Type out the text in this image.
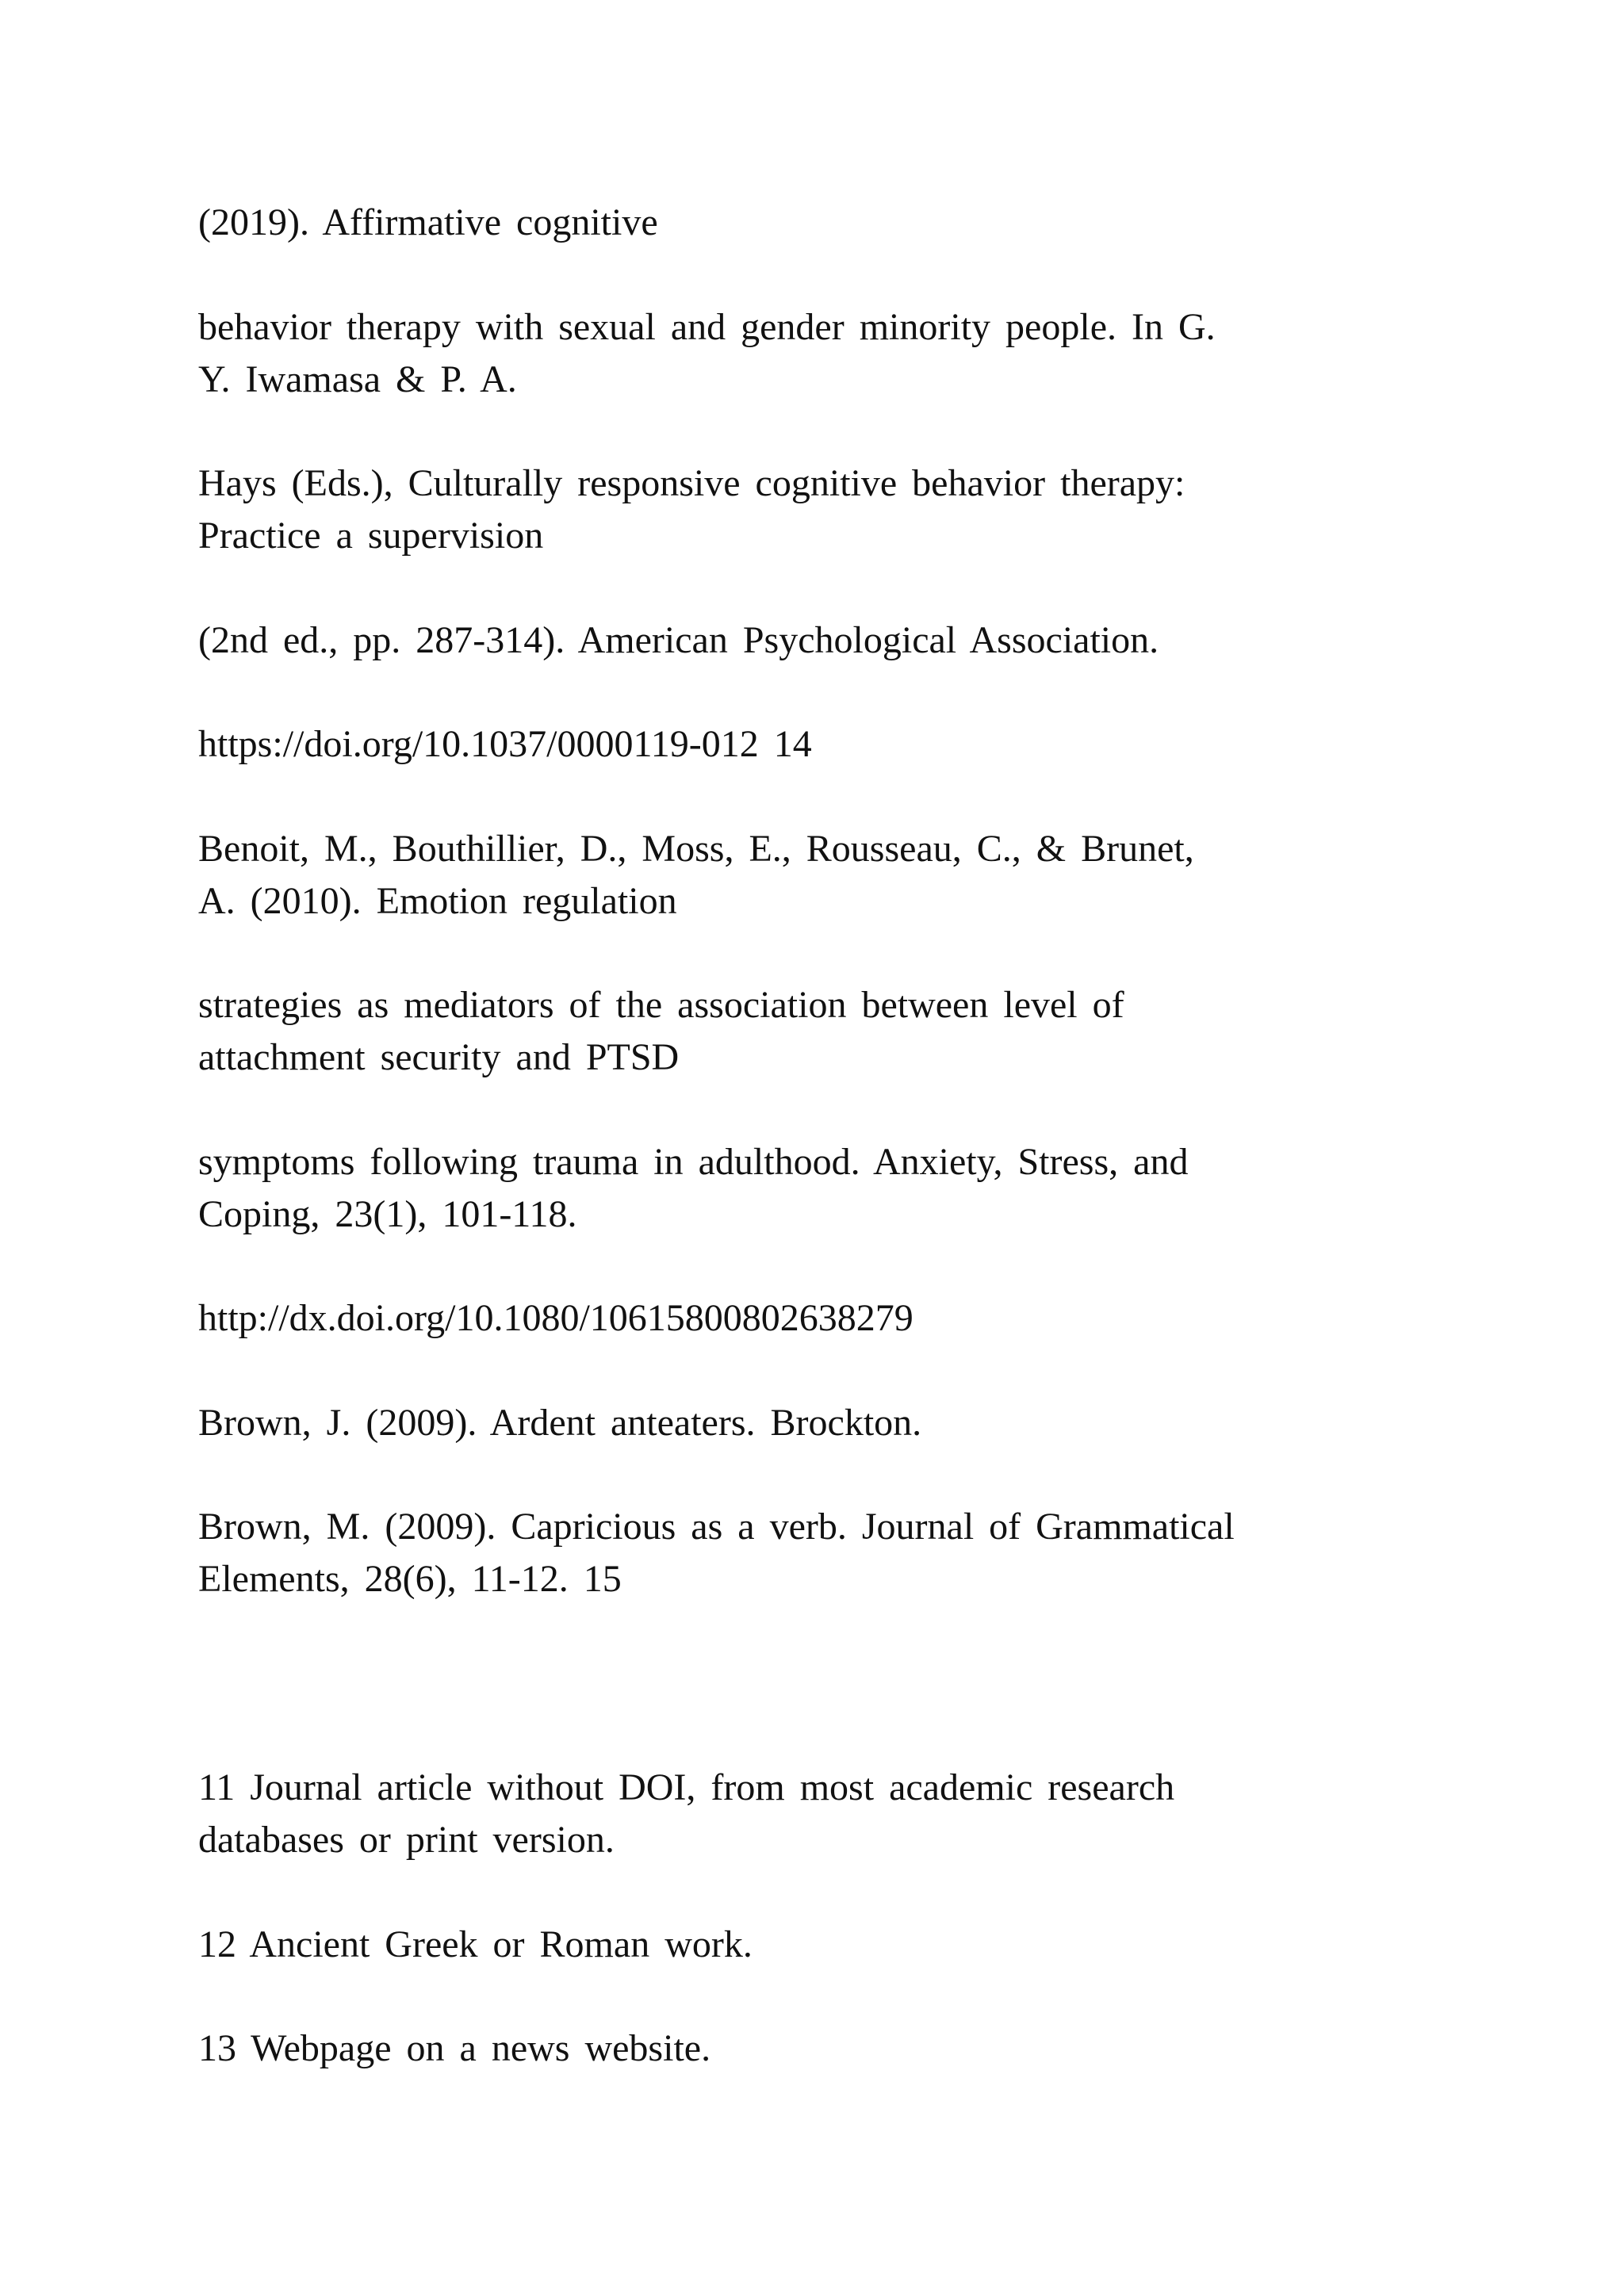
(2019). Affirmative cognitive

behavior therapy with sexual and gender minority people. In G.

Y. Iwamasa & P. A.

Hays (Eds.), Culturally responsive cognitive behavior therapy:

Practice a supervision

(2nd ed., pp. 287-314). American Psychological Association.

https://doi.org/10.1037/0000119-012 14

Benoit, M., Bouthillier, D., Moss, E., Rousseau, C., & Brunet,

A. (2010). Emotion regulation

strategies as mediators of the association between level of

attachment security and PTSD

symptoms following trauma in adulthood. Anxiety, Stress, and

Coping, 23(1), 101-118.

http://dx.doi.org/10.1080/10615800802638279

Brown, J. (2009). Ardent anteaters. Brockton.

Brown, M. (2009). Capricious as a verb. Journal of Grammatical

Elements, 28(6), 11-12. 15

11 Journal article without DOI, from most academic research

databases or print version.

12 Ancient Greek or Roman work.

13 Webpage on a news website.
